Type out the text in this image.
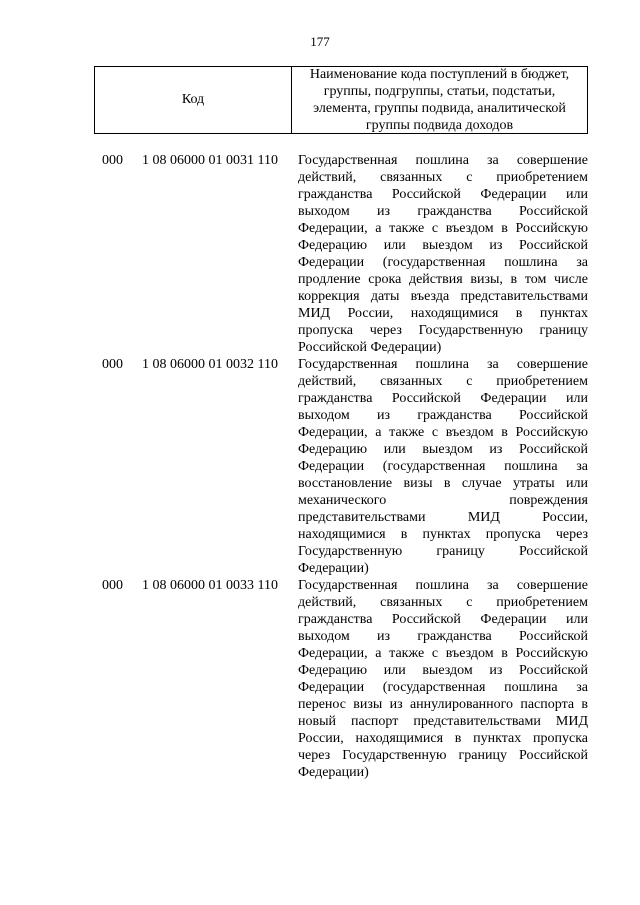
177
Код
Наименование кода поступлений в бюджет, группы, подгруппы, статьи, подстатьи, элемента, группы подвида, аналитической группы подвида доходов
000 1 08 06000 01 0031 110 Государственная пошлина за совершение действий, связанных с приобретением гражданства Российской Федерации или выходом из гражданства Российской Федерации, а также с въездом в Российскую Федерацию или выездом из Российской Федерации (государственная пошлина за продление срока действия визы, в том числе коррекция даты въезда представительствами МИД России, находящимися в пунктах пропуска через Государственную границу Российской Федерации)
000 1 08 06000 01 0032 110 Государственная пошлина за совершение действий, связанных с приобретением гражданства Российской Федерации или выходом из гражданства Российской Федерации, а также с въездом в Российскую Федерацию или выездом из Российской Федерации (государственная пошлина за восстановление визы в случае утраты или механического повреждения представительствами МИД России, находящимися в пунктах пропуска через Государственную границу Российской Федерации)
000 1 08 06000 01 0033 110 Государственная пошлина за совершение действий, связанных с приобретением гражданства Российской Федерации или выходом из гражданства Российской Федерации, а также с въездом в Российскую Федерацию или выездом из Российской Федерации (государственная пошлина за перенос визы из аннулированного паспорта в новый паспорт представительствами МИД России, находящимися в пунктах пропуска через Государственную границу Российской Федерации)
